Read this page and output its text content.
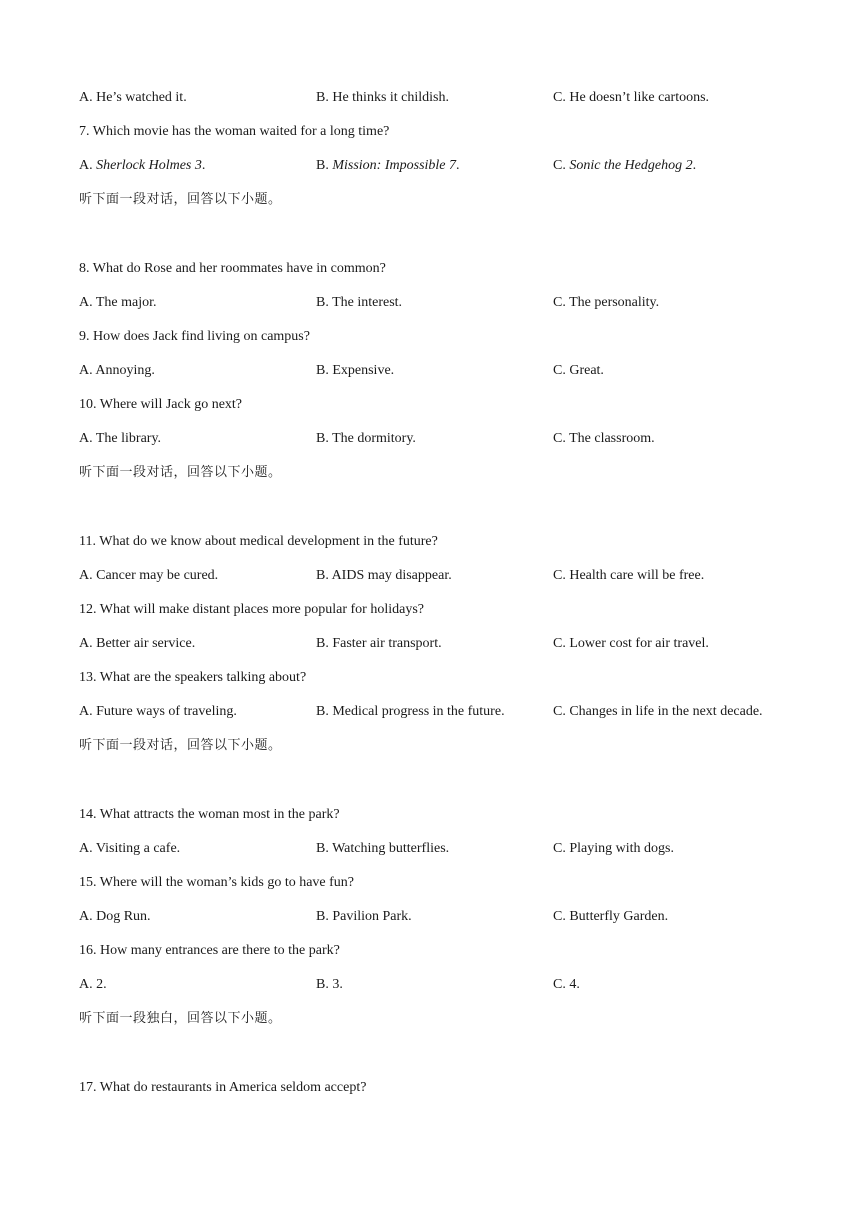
A. He’s watched it.	B. He thinks it childish.	C. He doesn’t like cartoons.
7. Which movie has the woman waited for a long time?
A. Sherlock Holmes 3.	B. Mission: Impossible 7.	C. Sonic the Hedgehog 2.
听下面一段对话，回答以下小题。
8. What do Rose and her roommates have in common?
A. The major.	B. The interest.	C. The personality.
9. How does Jack find living on campus?
A. Annoying.	B. Expensive.	C. Great.
10. Where will Jack go next?
A. The library.	B. The dormitory.	C. The classroom.
听下面一段对话，回答以下小题。
11. What do we know about medical development in the future?
A. Cancer may be cured.	B. AIDS may disappear.	C. Health care will be free.
12. What will make distant places more popular for holidays?
A. Better air service.	B. Faster air transport.	C. Lower cost for air travel.
13. What are the speakers talking about?
A. Future ways of traveling.	B. Medical progress in the future.	C. Changes in life in the next decade.
听下面一段对话，回答以下小题。
14. What attracts the woman most in the park?
A. Visiting a cafe.	B. Watching butterflies.	C. Playing with dogs.
15. Where will the woman’s kids go to have fun?
A. Dog Run.	B. Pavilion Park.	C. Butterfly Garden.
16. How many entrances are there to the park?
A. 2.	B. 3.	C. 4.
听下面一段独白，回答以下小题。
17. What do restaurants in America seldom accept?
